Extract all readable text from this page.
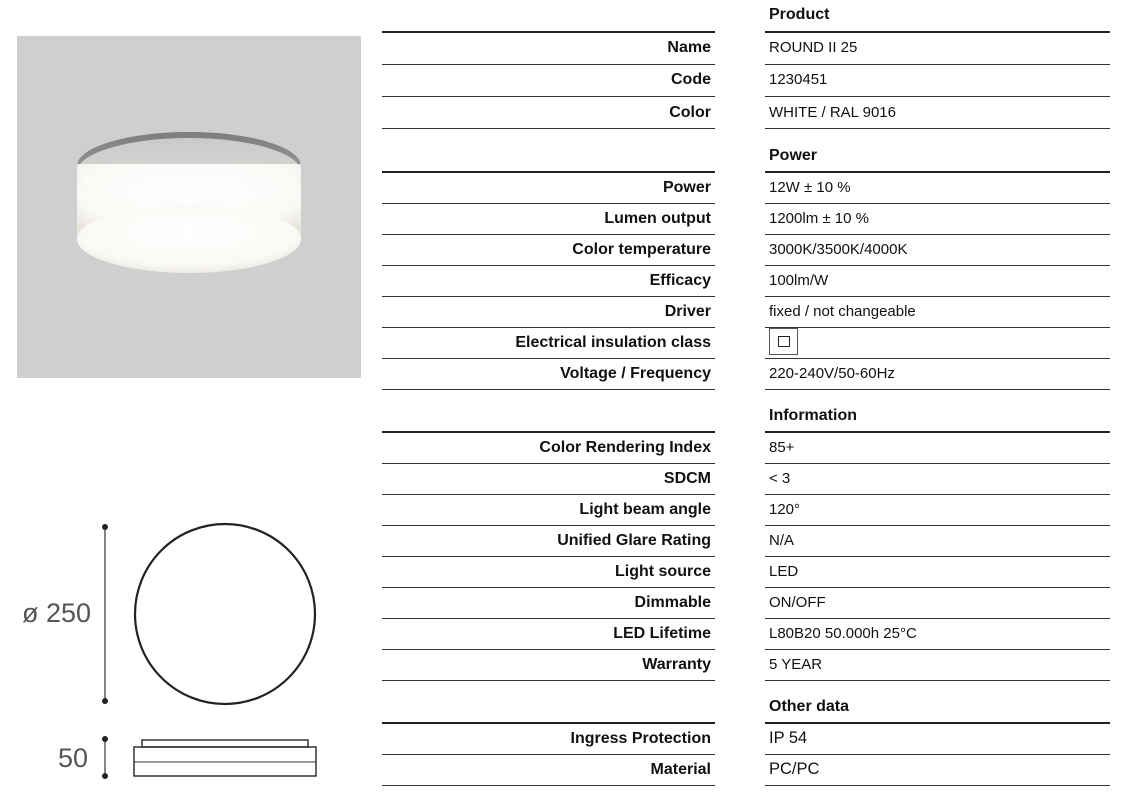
ø 250
50
Product
Power
Information
Other data
Name	ROUND II 25
Code	1230451
Color	WHITE / RAL 9016
Power	12W ± 10 %
Lumen output	1200lm ± 10 %
Color temperature	3000K/3500K/4000K
Efficacy	100lm/W
Driver	fixed / not changeable
Electrical insulation class
Voltage / Frequency	220-240V/50-60Hz
Color Rendering Index	85+
SDCM	< 3
Light beam angle	120°
Unified Glare Rating	N/A
Light source	LED
Dimmable	ON/OFF
LED Lifetime	L80B20 50.000h 25°C
Warranty	5 YEAR
Ingress Protection	IP 54
Material	PC/PC
